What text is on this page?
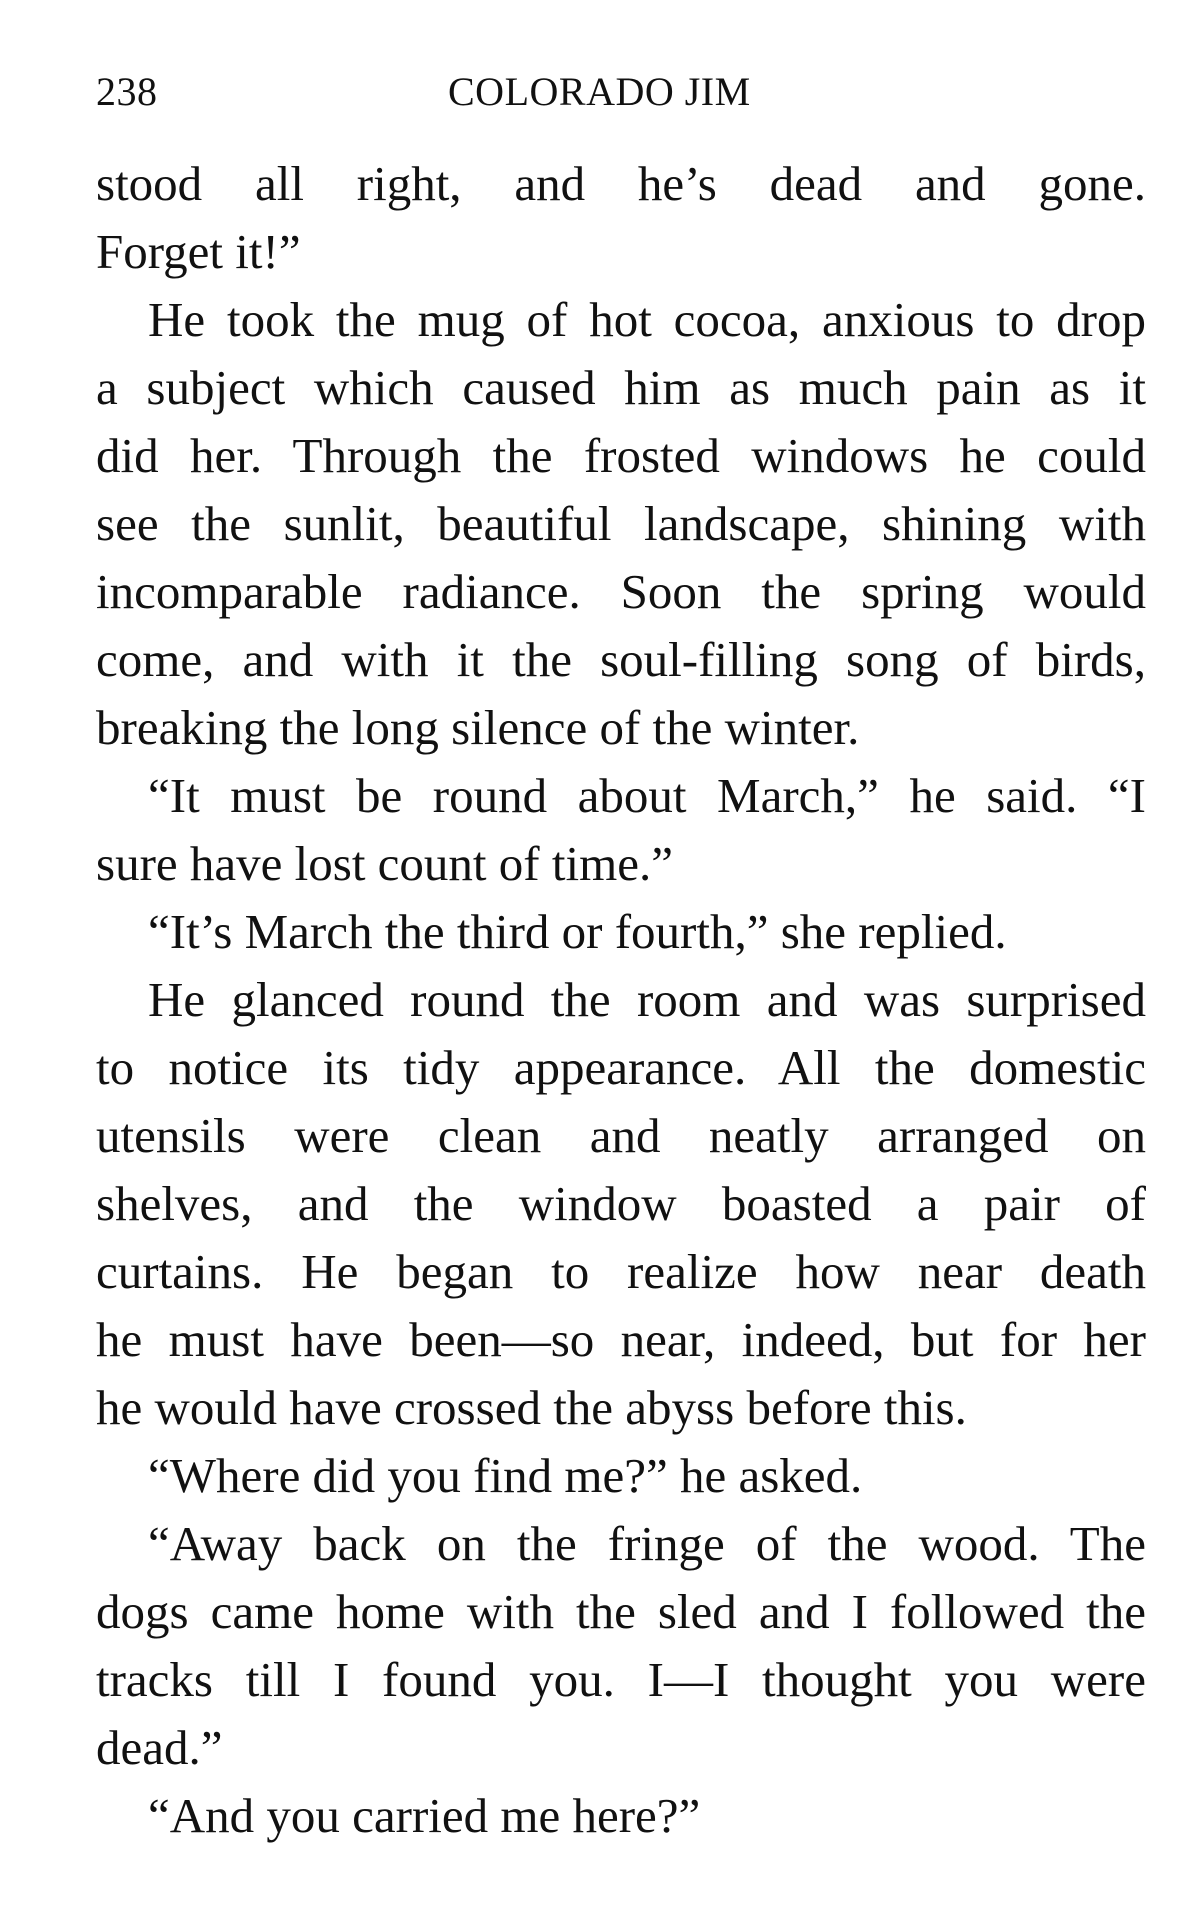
238	COLORADO JIM
stood all right, and he’s dead and gone.
Forget it!”
He took the mug of hot cocoa, anxious to drop
a subject which caused him as much pain as it
did her. Through the frosted windows he could
see the sunlit, beautiful landscape, shining with
incomparable radiance. Soon the spring would
come, and with it the soul-filling song of birds,
breaking the long silence of the winter.
“It must be round about March,” he said. “I
sure have lost count of time.”
“It’s March the third or fourth,” she replied.
He glanced round the room and was surprised
to notice its tidy appearance. All the domestic
utensils were clean and neatly arranged on
shelves, and the window boasted a pair of
curtains. He began to realize how near death
he must have been—so near, indeed, but for her
he would have crossed the abyss before this.
“Where did you find me?” he asked.
“Away back on the fringe of the wood. The
dogs came home with the sled and I followed the
tracks till I found you. I—I thought you were
dead.”
“And you carried me here?”
